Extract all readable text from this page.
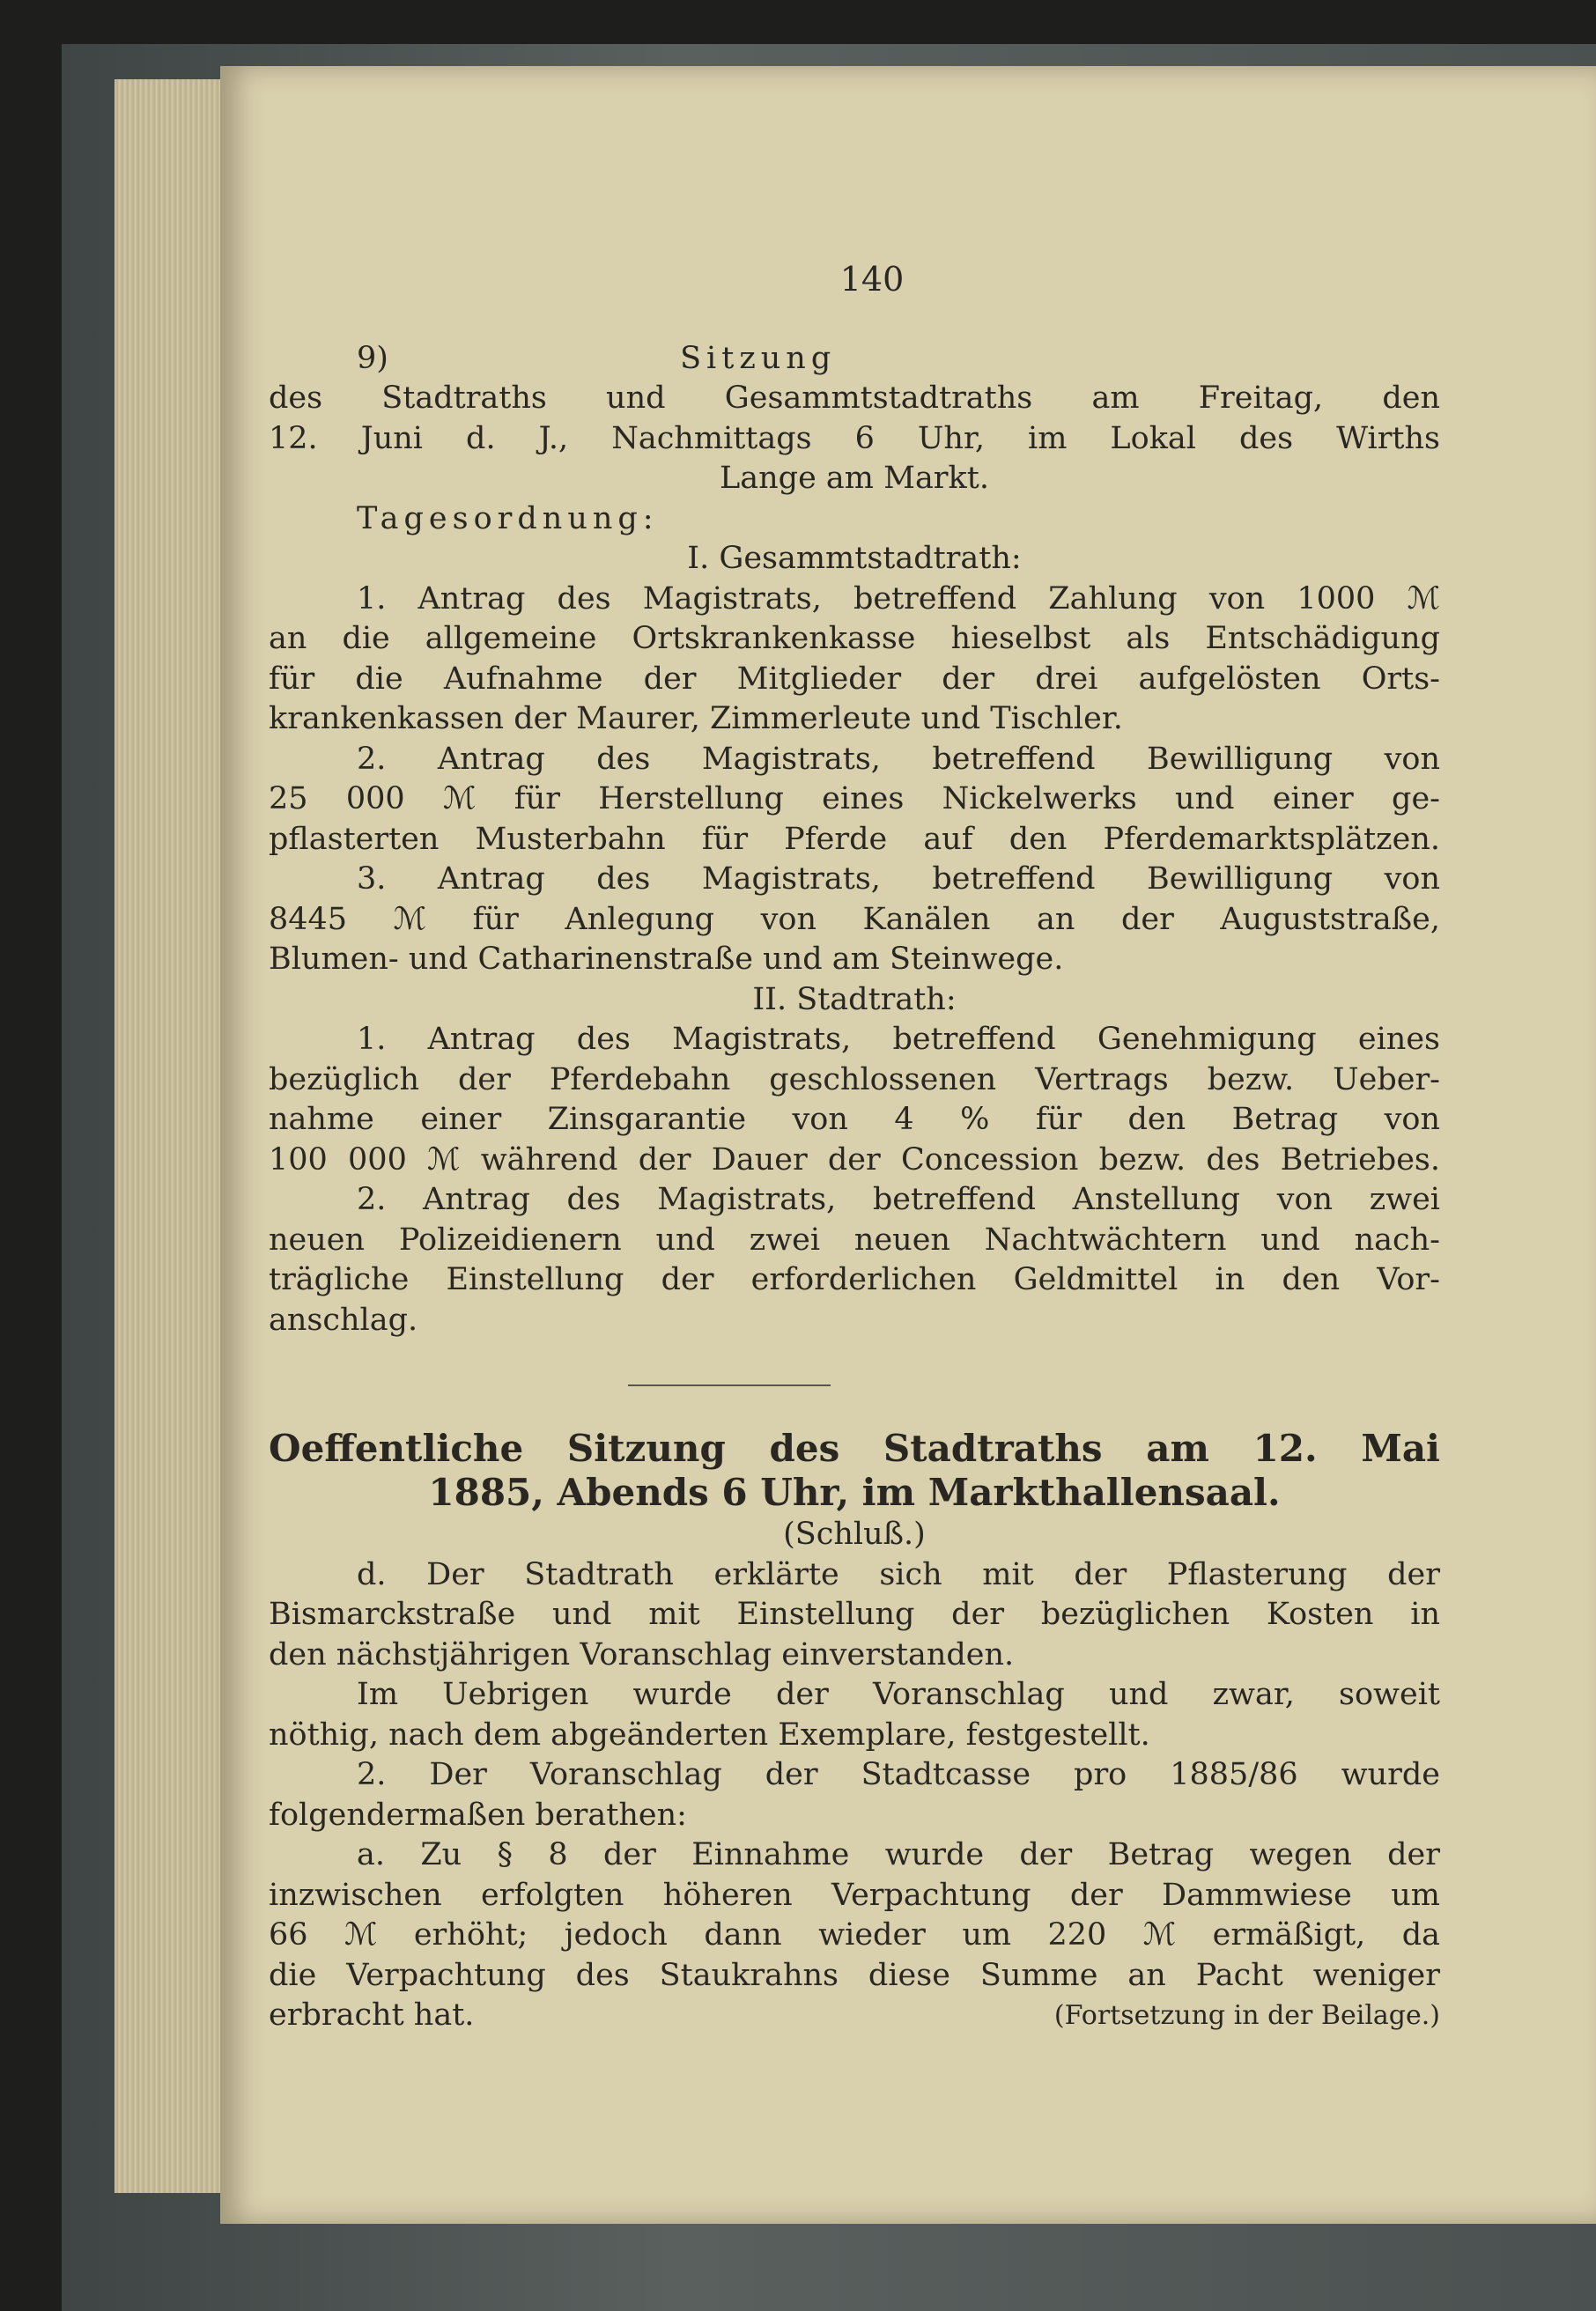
140
9)	Sitzung
des Stadtraths und Gesammtstadtraths am Freitag, den
12. Juni d. J., Nachmittags 6 Uhr, im Lokal des Wirths
Lange am Markt.
Tagesordnung:
I. Gesammtstadtrath:
1. Antrag des Magistrats, betreffend Zahlung von 1000 ℳ
an die allgemeine Ortskrankenkasse hieselbst als Entschädigung
für die Aufnahme der Mitglieder der drei aufgelösten Orts-
krankenkassen der Maurer, Zimmerleute und Tischler.
2. Antrag des Magistrats, betreffend Bewilligung von
25 000 ℳ für Herstellung eines Nickelwerks und einer ge-
pflasterten Musterbahn für Pferde auf den Pferdemarktsplätzen.
3. Antrag des Magistrats, betreffend Bewilligung von
8445 ℳ für Anlegung von Kanälen an der Auguststraße,
Blumen- und Catharinenstraße und am Steinwege.
II. Stadtrath:
1. Antrag des Magistrats, betreffend Genehmigung eines
bezüglich der Pferdebahn geschlossenen Vertrags bezw. Ueber-
nahme einer Zinsgarantie von 4 % für den Betrag von
100 000 ℳ während der Dauer der Concession bezw. des Betriebes.
2. Antrag des Magistrats, betreffend Anstellung von zwei
neuen Polizeidienern und zwei neuen Nachtwächtern und nach-
trägliche Einstellung der erforderlichen Geldmittel in den Vor-
anschlag.
Oeffentliche Sitzung des Stadtraths am 12. Mai
1885, Abends 6 Uhr, im Markthallensaal.
(Schluß.)
d. Der Stadtrath erklärte sich mit der Pflasterung der
Bismarckstraße und mit Einstellung der bezüglichen Kosten in
den nächstjährigen Voranschlag einverstanden.
Im Uebrigen wurde der Voranschlag und zwar, soweit
nöthig, nach dem abgeänderten Exemplare, festgestellt.
2. Der Voranschlag der Stadtcasse pro 1885/86 wurde
folgendermaßen berathen:
a. Zu § 8 der Einnahme wurde der Betrag wegen der
inzwischen erfolgten höheren Verpachtung der Dammwiese um
66 ℳ erhöht; jedoch dann wieder um 220 ℳ ermäßigt, da
die Verpachtung des Staukrahns diese Summe an Pacht weniger
erbracht hat.	(Fortsetzung in der Beilage.)
